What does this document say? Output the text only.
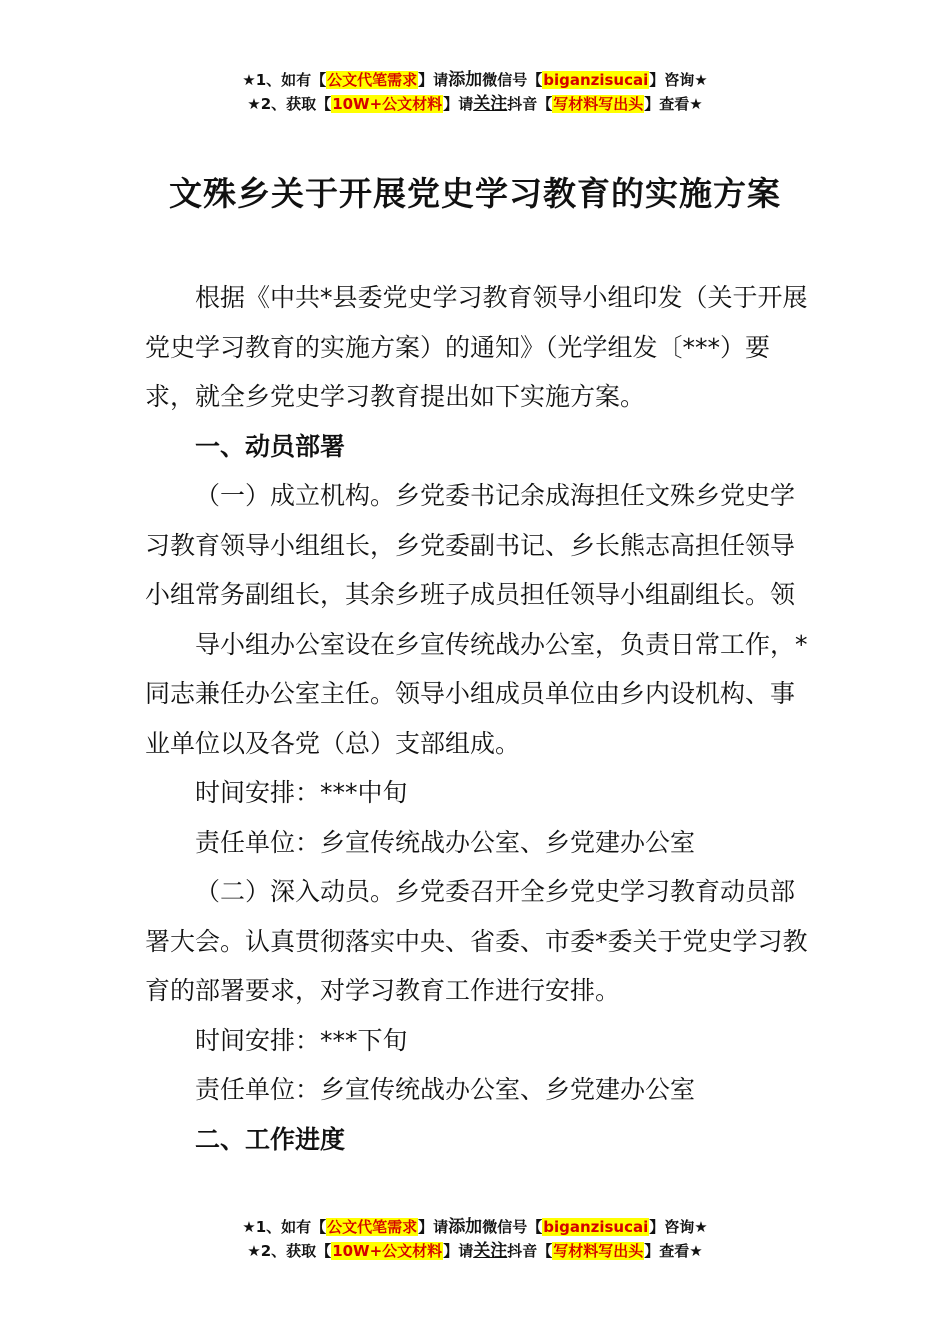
★1、如有【公文代笔需求】请添加微信号【biganzisucai】咨询★
★2、获取【10W+公文材料】请关注抖音【写材料写出头】查看★
文殊乡关于开展党史学习教育的实施方案

根据《中共*县委党史学习教育领导小组印发（关于开展党史学习教育的实施方案）的通知》（光学组发〔***）要求，就全乡党史学习教育提出如下实施方案。

一、动员部署

（一）成立机构。乡党委书记余成海担任文殊乡党史学习教育领导小组组长，乡党委副书记、乡长熊志高担任领导小组常务副组长，其余乡班子成员担任领导小组副组长。领

导小组办公室设在乡宣传统战办公室，负责日常工作，*同志兼任办公室主任。领导小组成员单位由乡内设机构、事业单位以及各党（总）支部组成。

时间安排：***中旬

责任单位：乡宣传统战办公室、乡党建办公室

（二）深入动员。乡党委召开全乡党史学习教育动员部署大会。认真贯彻落实中央、省委、市委*委关于党史学习教育的部署要求，对学习教育工作进行安排。

时间安排：***下旬

责任单位：乡宣传统战办公室、乡党建办公室

二、工作进度

★1、如有【公文代笔需求】请添加微信号【biganzisucai】咨询★
★2、获取【10W+公文材料】请关注抖音【写材料写出头】查看★
